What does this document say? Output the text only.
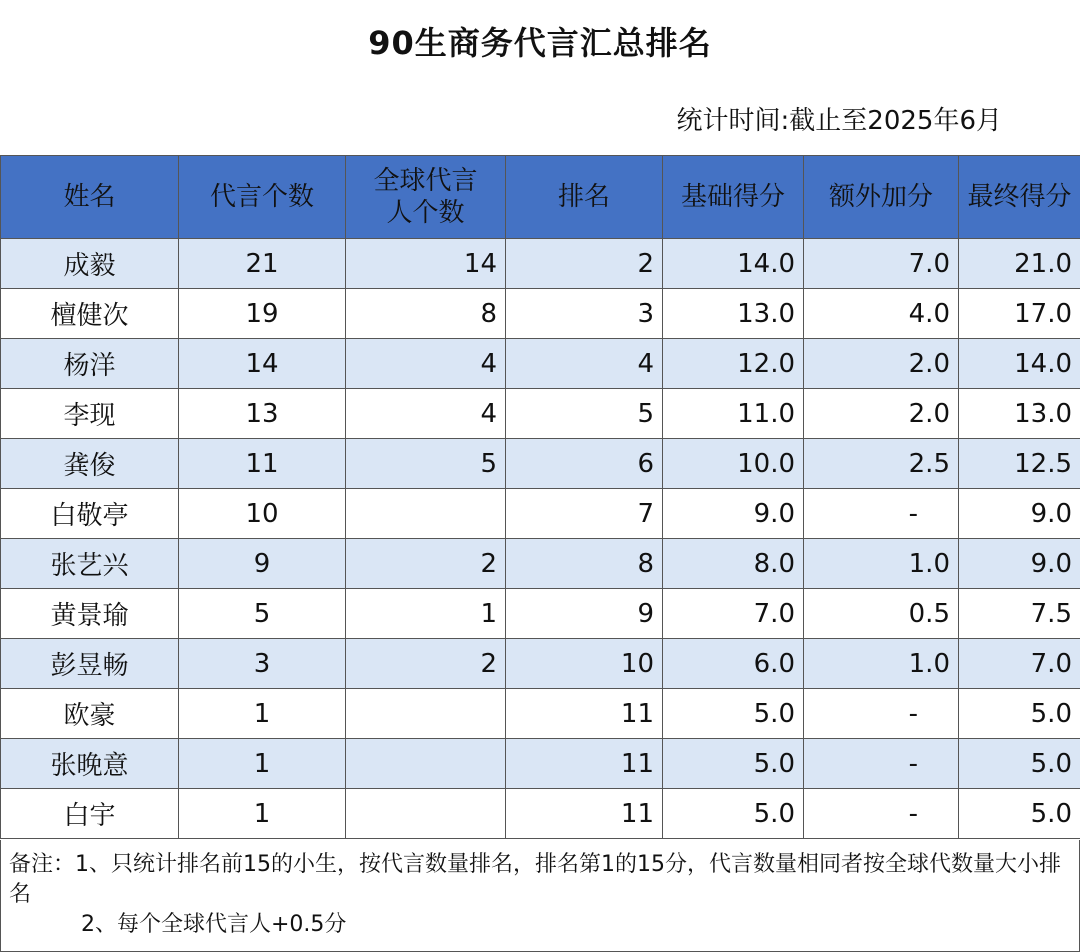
90生商务代言汇总排名
统计时间:截止至2025年6月
姓名	代言个数	全球代言人个数	排名	基础得分	额外加分	最终得分
成毅	21	14	2	14.0	7.0	21.0
檀健次	19	8	3	13.0	4.0	17.0
杨洋	14	4	4	12.0	2.0	14.0
李现	13	4	5	11.0	2.0	13.0
龚俊	11	5	6	10.0	2.5	12.5
白敬亭	10		7	9.0	-	9.0
张艺兴	9	2	8	8.0	1.0	9.0
黄景瑜	5	1	9	7.0	0.5	7.5
彭昱畅	3	2	10	6.0	1.0	7.0
欧豪	1		11	5.0	-	5.0
张晚意	1		11	5.0	-	5.0
白宇	1		11	5.0	-	5.0
备注：1、只统计排名前15的小生，按代言数量排名，排名第1的15分，代言数量相同者按全球代数量大小排名
2、每个全球代言人+0.5分
